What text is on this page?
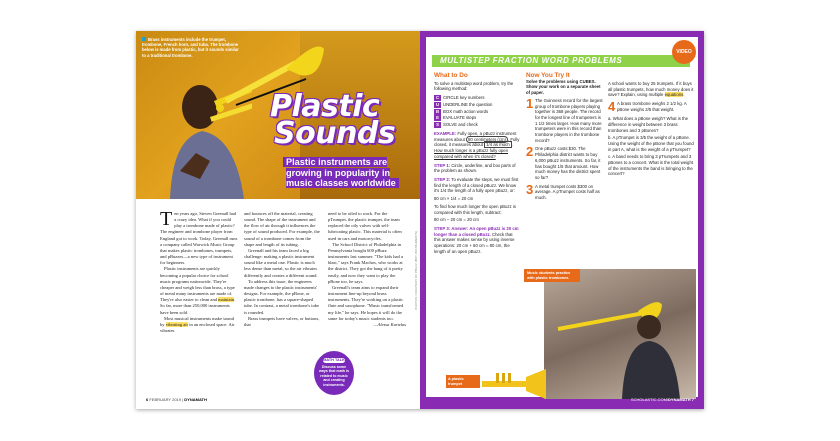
Brass instruments include the trumpet, trombone, French horn, and tuba. The trombone below is made from plastic, but it sounds similar to a traditional trombone.
Plastic
Sounds
Plastic instruments are growing in popularity in music classes worldwide

Ten years ago, Steven Greenall had a crazy idea. What if you could play a trombone made of plastic? The engineer and trombone player from England got to work. Today, Greenall runs a company called Warwick Music Group that makes plastic trombones, trumpets, and pBuzzes—a new type of instrument for beginners.

Plastic instruments are quickly becoming a popular choice for school music programs nationwide. They're cheaper and weigh less than brass, a type of metal many instruments are made of. They're also easier to clean and maintain. So far, more than 250,000 instruments have been sold.

Most musical instruments make sound by vibrating air in an enclosed space. Air vibrates

and bounces off the material, creating sound. The shape of the instrument and the flow of air through it influences the type of sound produced. For example, the sound of a trombone comes from the shape and length of its tubing.

Greenall and his team faced a big challenge: making a plastic instrument sound like a metal one. Plastic is much less dense than metal, so the air vibrates differently and creates a different sound.

To address this issue, the engineers made changes to the plastic instruments' designs. For example, the pBone, or plastic trombone, has a square-shaped tube. In contrast, a metal trombone's tube is rounded.

Brass trumpets have valves, or buttons, that

need to be oiled to work. For the pTrumpet, the plastic trumpet, the team replaced the oily valves with self-lubricating plastic. This material is often used in cars and motorcycles.

The School District of Philadelphia in Pennsylvania bought 600 pBuzz instruments last summer. "The kids had a blast," says Frank Machos, who works at the district. They got the hang of it pretty easily, and now they want to play the pBone too, he says.

Greenall's team aims to expand their instrument line-up beyond brass instruments. They're working on a plastic flute and saxophone. "Music transformed my life," he says. He hopes it will do the same for today's music students too.

—Alessa Kurtzlas

MATH TALK
Discuss some ways that math is related to music and creating instruments.
PHOTOS: COURTESY OF PBUZZ (BOY, INSTRUMENTS)
6 FEBRUARY 2019 | DYNAMATH
MULTISTEP FRACTION WORD PROBLEMS
VIDEO
What to Do

To solve a multistep word problem, try the following method:

C CIRCLE key numbers
U UNDERLINE the question
B BOX math action words
E EVALUATE steps
S SOLVE and check

EXAMPLE: Fully open, a pBuzz instrument measures about 80 centimeters (cm) . Fully closed, it measures about 1/4 as much . How much longer is a pBuzz fully open compared with when it's closed?

STEP 1: Circle, underline, and box parts of the problem as shown.

STEP 2: To evaluate the steps, we must first find the length of a closed pBuzz. We know it's 1/4 the length of a fully open pBuzz, or:

80 cm × 1/4 = 20 cm

To find how much longer the open pBuzz is compared with this length, subtract:

80 cm – 20 cm = 20 cm

STEP 3: Answer: An open pBuzz is 20 cm longer than a closed pBuzz. Check that this answer makes sense by using inverse operations: 20 cm + 60 cm = 80 cm, the length of an open pBuzz.

Now You Try It

Solve the problems using CUBES. Show your work on a separate sheet of paper.

1 The Guinness record for the largest group of trombone players playing together is 368 people. The record for the longest line of trumpeters is 1 1/2 times larger. How many more trumpeters were in this record than trombone players in the trombone record?
2 One pBuzz costs $30. The Philadelphia district wants to buy 6,000 pBuzz instruments. So far, it has bought 1/5 that amount. How much money has the district spent so far?
3 A metal trumpet costs $300 on average. A pTrumpet costs half as much.

A school wants to buy 25 trumpets. If it buys all plastic trumpets, how much money does it save? Explain, using multiple equations.

4 A brass trombone weighs 2 1/2 kg. A pBone weighs 2/5 that weight.

a. What does a pBone weigh? What is the difference in weight between 3 brass trombones and 3 pBones?

b. A pTrumpet is 3/5 the weight of a pBone. Using the weight of the pBone that you found in part A, what is the weight of a pTrumpet?

c. A band needs to bring 3 pTrumpets and 3 pBones to a concert. What is the total weight of the instruments the band is bringing to the concert?

Music students practice with plastic trombones.
A plastic trumpet
SCHOLASTIC.COM/DYNAMATH 7
